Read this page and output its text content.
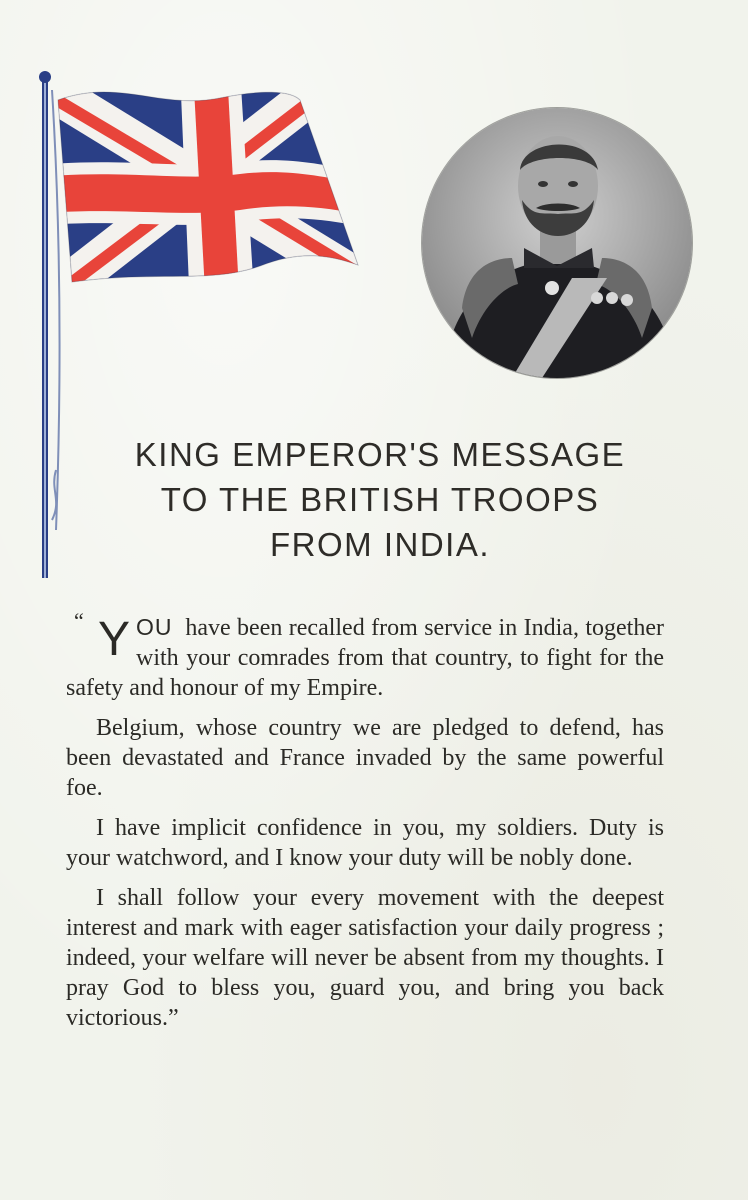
KING EMPEROR'S MESSAGE
TO THE BRITISH TROOPS
FROM INDIA.

“ Y OU have been recalled from service in India, together with your comrades from that country, to fight for the safety and honour of my Empire.

Belgium, whose country we are pledged to defend, has been devastated and France invaded by the same powerful foe.

I have implicit confidence in you, my soldiers. Duty is your watchword, and I know your duty will be nobly done.

I shall follow your every movement with the deepest interest and mark with eager satisfaction your daily progress ; indeed, your welfare will never be absent from my thoughts. I pray God to bless you, guard you, and bring you back victorious.”
